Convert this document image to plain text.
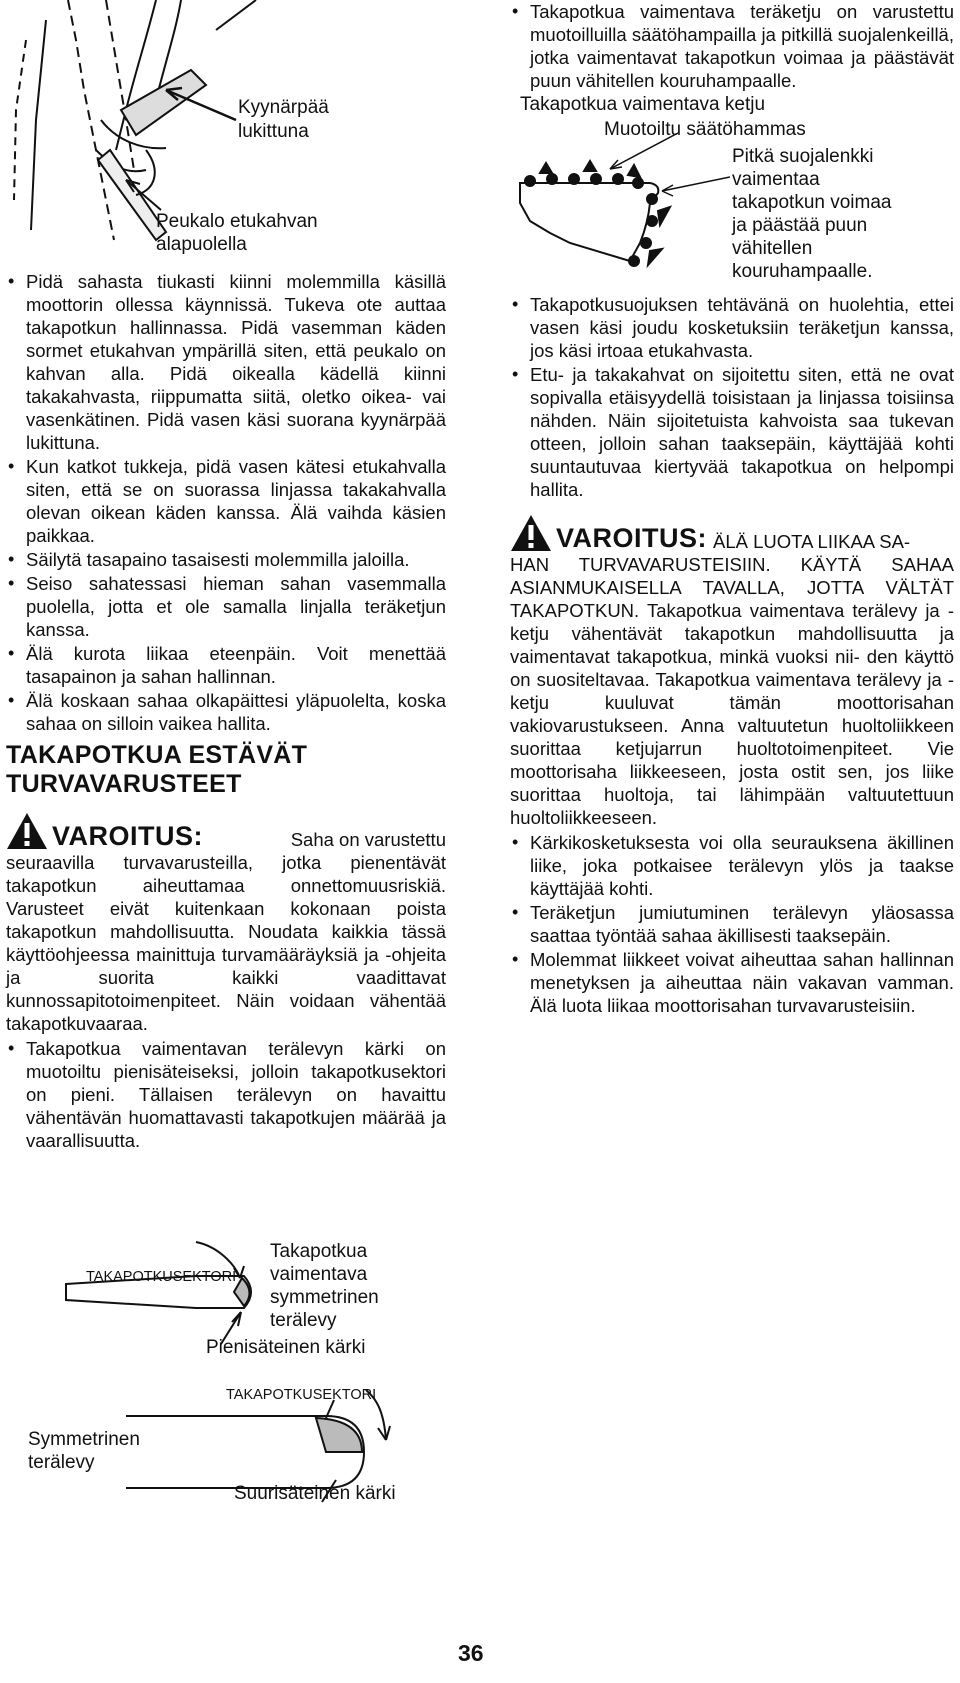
Kyynärpää
lukittuna
Peukalo etukahvan
alapuolella
• Pidä sahasta tiukasti kiinni molemmilla käsillä moottorin ollessa käynnissä. Tukeva ote auttaa takapotkun hallinnassa. Pidä vasemman käden sormet etukahvan ympärillä siten, että peukalo on kahvan alla. Pidä oikealla kädellä kiinni takakahvasta, riippumatta siitä, oletko oikea- vai vasenkätinen. Pidä vasen käsi suorana kyynärpää lukittuna.
• Kun katkot tukkeja, pidä vasen kätesi etukahvalla siten, että se on suorassa linjassa takakahvalla olevan oikean käden kanssa. Älä vaihda käsien paikkaa.
• Säilytä tasapaino tasaisesti molemmilla jaloilla.
• Seiso sahatessasi hieman sahan vasemmalla puolella, jotta et ole samalla linjalla teräketjun kanssa.
• Älä kurota liikaa eteenpäin. Voit menettää tasapainon ja sahan hallinnan.
• Älä koskaan sahaa olkapäittesi yläpuolelta, koska sahaa on silloin vaikea hallita.
TAKAPOTKUA ESTÄVÄT
TURVAVARUSTEET
VAROITUS:	Saha on varustettu
seuraavilla turvavarusteilla, jotka pienentävät takapotkun aiheuttamaa onnettomuusriskiä. Varusteet eivät kuitenkaan kokonaan poista takapotkun mahdollisuutta. Noudata kaikkia tässä käyttöohjeessa mainittuja turvamääräyksiä ja -ohjeita ja suorita kaikki vaadittavat kunnossapitotoimenpiteet. Näin voidaan vähentää takapotkuvaaraa.
• Takapotkua vaimentavan terälevyn kärki on muotoiltu pienisäteiseksi, jolloin takapotkusektori on pieni. Tällaisen terälevyn on havaittu vähentävän huomattavasti takapotkujen määrää ja vaarallisuutta.
TAKAPOTKUSEKTORI
Takapotkua
vaimentava
symmetrinen
terälevy
Pienisäteinen kärki
TAKAPOTKUSEKTORI
Symmetrinen
terälevy
Suurisäteinen kärki
• Takapotkua vaimentava teräketju on varustettu muotoilluilla säätöhampailla ja pitkillä suojalenkeillä, jotka vaimentavat takapotkun voimaa ja päästävät puun vähitellen kouruhampaalle.
Takapotkua vaimentava ketju
Muotoiltu säätöhammas
Pitkä suojalenkki
vaimentaa
takapotkun voimaa
ja päästää puun
vähitellen
kouruhampaalle.
• Takapotkusuojuksen tehtävänä on huolehtia, ettei vasen käsi joudu kosketuksiin teräketjun kanssa, jos käsi irtoaa etukahvasta.
• Etu- ja takakahvat on sijoitettu siten, että ne ovat sopivalla etäisyydellä toisistaan ja linjassa toisiinsa nähden. Näin sijoitetuista kahvoista saa tukevan otteen, jolloin sahan taaksepäin, käyttäjää kohti suuntautuvaa kiertyvää takapotkua on helpompi hallita.
VAROITUS: ÄLÄ LUOTA LIIKAA SA-
HAN TURVAVARUSTEISIIN. KÄYTÄ SAHAA ASIANMUKAISELLA TAVALLA, JOTTA VÄLTÄT TAKAPOTKUN. Takapotkua vaimentava terälevy ja -ketju vähentävät takapotkun mahdollisuutta ja vaimentavat takapotkua, minkä vuoksi nii- den käyttö on suositeltavaa. Takapotkua vaimentava terälevy ja -ketju kuuluvat tämän moottorisahan vakiovarustukseen. Anna valtuutetun huoltoliikkeen suorittaa ketjujarrun huoltotoimenpiteet. Vie moottorisaha liikkeeseen, josta ostit sen, jos liike suorittaa huoltoja, tai lähimpään valtuutettuun huoltoliikkeeseen.
• Kärkikosketuksesta voi olla seurauksena äkillinen liike, joka potkaisee terälevyn ylös ja taakse käyttäjää kohti.
• Teräketjun jumiutuminen terälevyn yläosassa saattaa työntää sahaa äkillisesti taaksepäin.
• Molemmat liikkeet voivat aiheuttaa sahan hallinnan menetyksen ja aiheuttaa näin vakavan vamman. Älä luota liikaa moottorisahan turvavarusteisiin.
36
